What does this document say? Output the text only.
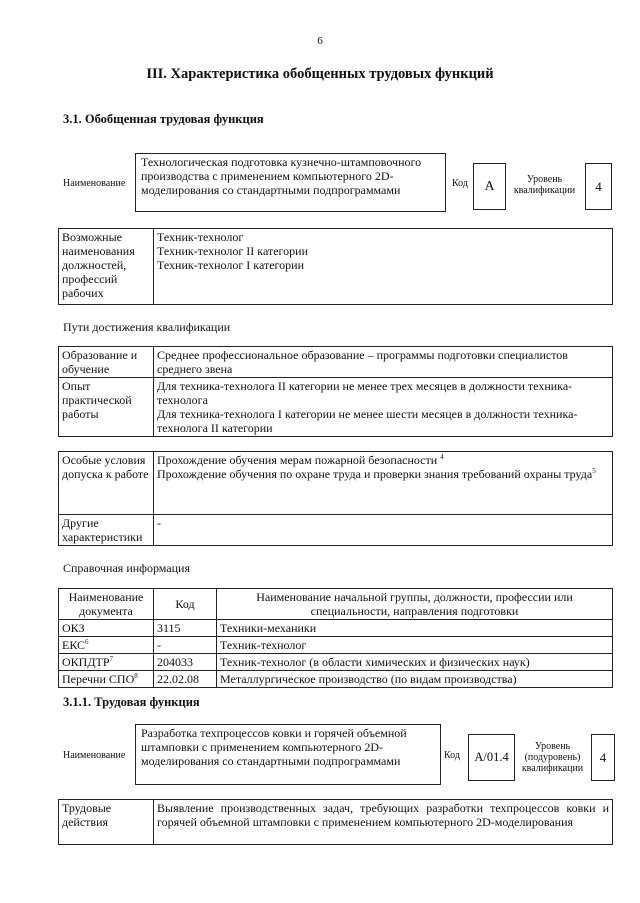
6
III. Характеристика обобщенных трудовых функций
3.1. Обобщенная трудовая функция
Наименование
Технологическая подготовка кузнечно-штамповочного производства с применением компьютерного 2D-моделирования со стандартными подпрограммами	Код	А	Уровень квалификации	4
Возможные наименования должностей, профессий рабочих	
Техник-технолог
Техник-технолог II категории
Техник-технолог I категории
Пути достижения квалификации
Образование и обучение	Среднее профессиональное образование – программы подготовки специалистов среднего звена
Опыт практической работы	Для техника-технолога II категории не менее трех месяцев в должности техника-технолога
Для техника-технолога I категории не менее шести месяцев в должности техника-технолога II категории
Особые условия допуска к работе	Прохождение обучения мерам пожарной безопасности $^4$
Прохождение обучения по охране труда и проверки знания требований охраны труда$^5$

Другие характеристики	-
Справочная информация
Наименование документа	Код	Наименование начальной группы, должности, профессии или специальности, направления подготовки
ОКЗ	3115	Техники-механики
ЕКС$^6$	-	Техник-технолог
ОКПДТР$^7$	204033	Техник-технолог (в области химических и физических наук)
Перечни СПО$^8$	22.02.08	Металлургическое производство (по видам производства)
3.1.1. Трудовая функция
Наименование
Разработка техпроцессов ковки и горячей объемной штамповки с применением компьютерного 2D-моделирования со стандартными подпрограммами	Код	А/01.4
Уровень (подуровень) квалификации
4
Трудовые действия	Выявление производственных задач, требующих разработки техпроцессов ковки и горячей объемной штамповки с применением компьютерного 2D-моделирования
